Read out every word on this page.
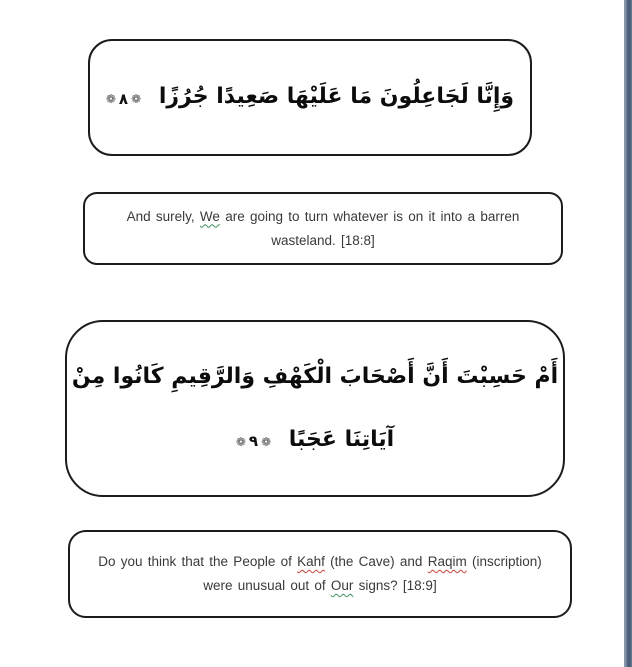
وَإِنَّا لَجَاعِلُونَ مَا عَلَيْهَا صَعِيدًا جُرُزًا
❁
٨
❁

And surely, We are going to turn whatever is on it into a barren

wasteland. [18:8]

أَمْ حَسِبْتَ أَنَّ أَصْحَابَ الْكَهْفِ وَالرَّقِيمِ كَانُوا مِنْ
آيَاتِنَا عَجَبًا
❁
٩
❁

Do you think that the People of Kahf (the Cave) and Raqim (inscription)

were unusual out of Our signs? [18:9]
